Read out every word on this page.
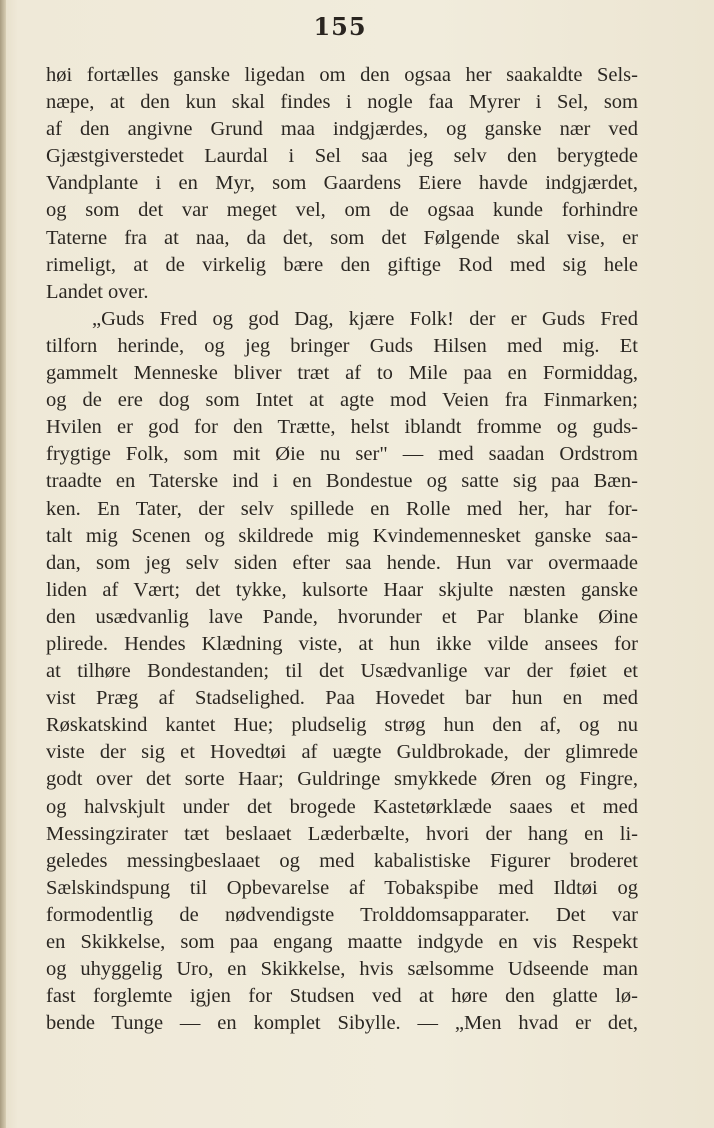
155
høi fortælles ganske ligedan om den ogsaa her saakaldte Sels-
næpe, at den kun skal findes i nogle faa Myrer i Sel, som
af den angivne Grund maa indgjærdes, og ganske nær ved
Gjæstgiverstedet Laurdal i Sel saa jeg selv den berygtede
Vandplante i en Myr, som Gaardens Eiere havde indgjærdet,
og som det var meget vel, om de ogsaa kunde forhindre
Taterne fra at naa, da det, som det Følgende skal vise, er
rimeligt, at de virkelig bære den giftige Rod med sig hele
Landet over.
„Guds Fred og god Dag, kjære Folk! der er Guds Fred
tilforn herinde, og jeg bringer Guds Hilsen med mig. Et
gammelt Menneske bliver træt af to Mile paa en Formiddag,
og de ere dog som Intet at agte mod Veien fra Finmarken;
Hvilen er god for den Trætte, helst iblandt fromme og guds-
frygtige Folk, som mit Øie nu ser" — med saadan Ordstrom
traadte en Taterske ind i en Bondestue og satte sig paa Bæn-
ken. En Tater, der selv spillede en Rolle med her, har for-
talt mig Scenen og skildrede mig Kvindemennesket ganske saa-
dan, som jeg selv siden efter saa hende. Hun var overmaade
liden af Vært; det tykke, kulsorte Haar skjulte næsten ganske
den usædvanlig lave Pande, hvorunder et Par blanke Øine
plirede. Hendes Klædning viste, at hun ikke vilde ansees for
at tilhøre Bondestanden; til det Usædvanlige var der føiet et
vist Præg af Stadselighed. Paa Hovedet bar hun en med
Røskatskind kantet Hue; pludselig strøg hun den af, og nu
viste der sig et Hovedtøi af uægte Guldbrokade, der glimrede
godt over det sorte Haar; Guldringe smykkede Øren og Fingre,
og halvskjult under det brogede Kastetørklæde saaes et med
Messingzirater tæt beslaaet Læderbælte, hvori der hang en li-
geledes messingbeslaaet og med kabalistiske Figurer broderet
Sælskindspung til Opbevarelse af Tobakspibe med Ildtøi og
formodentlig de nødvendigste Trolddomsapparater. Det var
en Skikkelse, som paa engang maatte indgyde en vis Respekt
og uhyggelig Uro, en Skikkelse, hvis sælsomme Udseende man
fast forglemte igjen for Studsen ved at høre den glatte lø-
bende Tunge — en komplet Sibylle. — „Men hvad er det,
